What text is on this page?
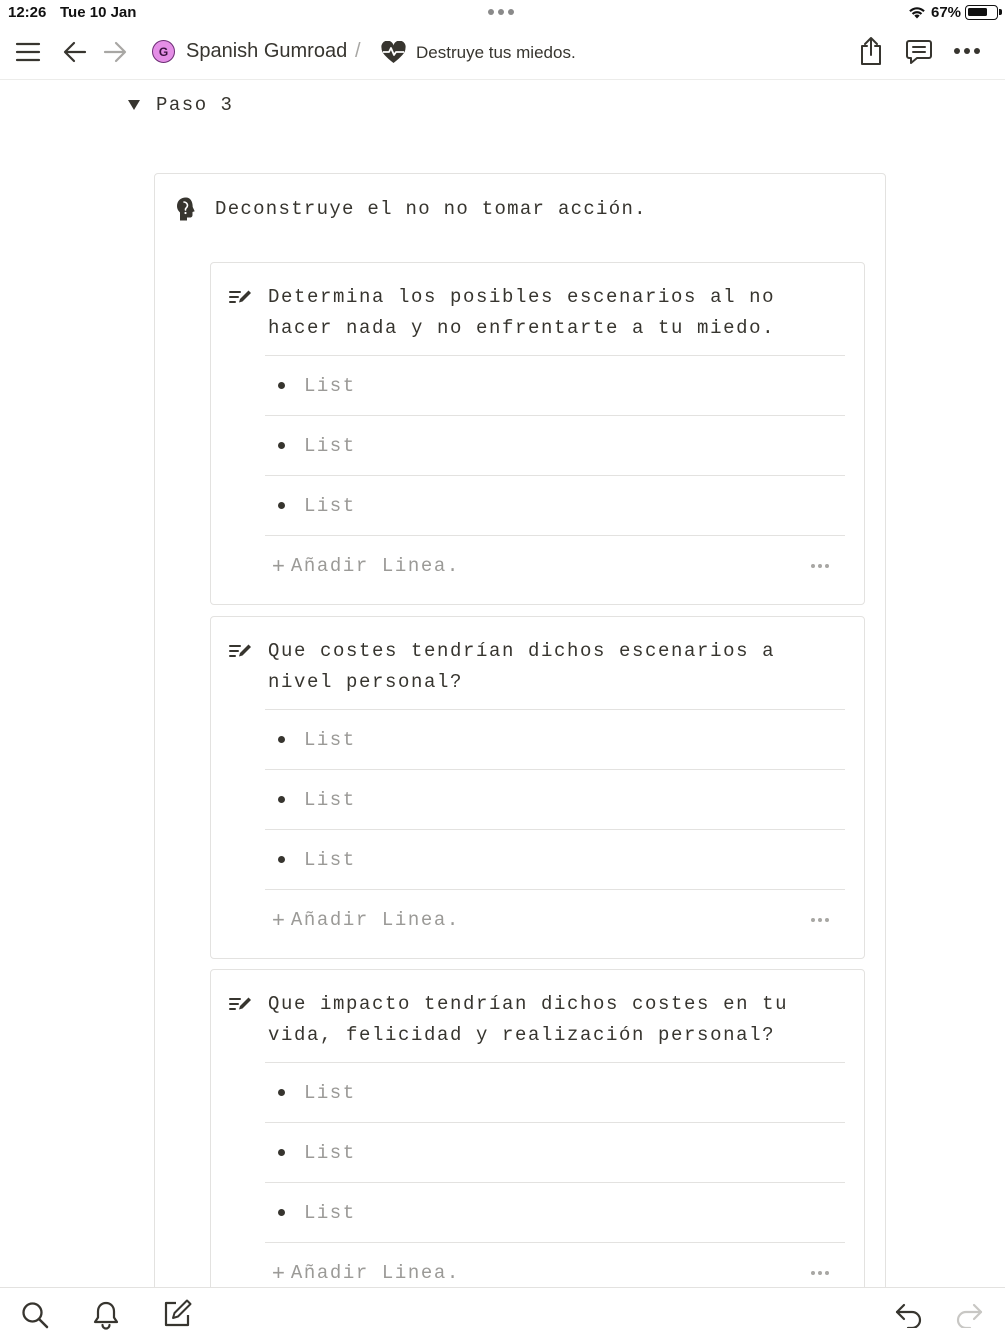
12:26 Tue 10 Jan	67%
G Spanish Gumroad /	Destruye tus miedos.
Paso 3
Deconstruye el no no tomar acción.
Determina los posibles escenarios al no
hacer nada y no enfrentarte a tu miedo.
List
List
List
+ Añadir Linea.
Que costes tendrían dichos escenarios a
nivel personal?
List
List
List
+ Añadir Linea.
Que impacto tendrían dichos costes en tu
vida, felicidad y realización personal?
List
List
List
+ Añadir Linea.
